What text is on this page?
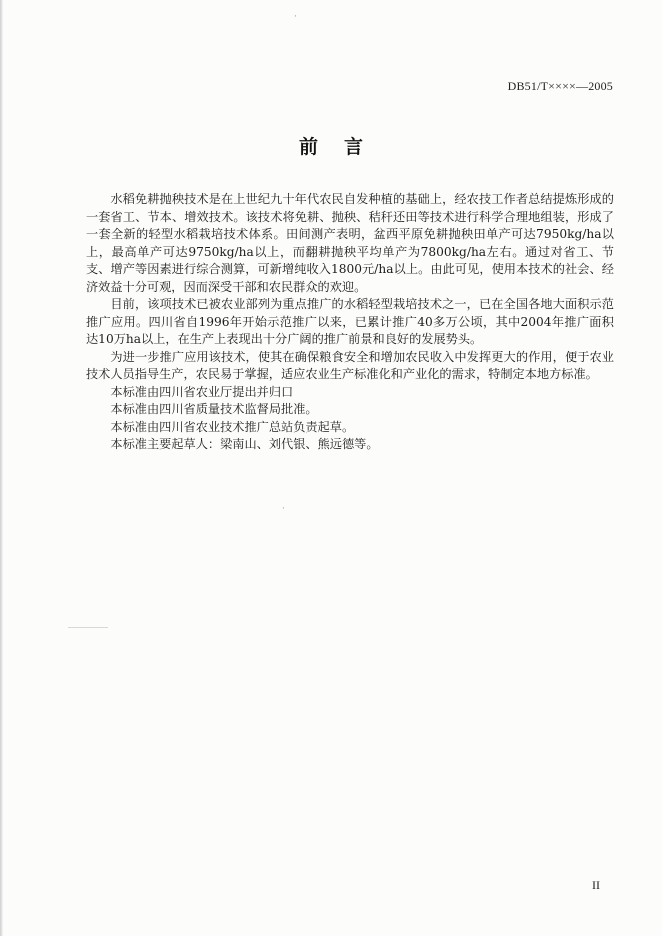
·
·
DB51/T××××—2005
前言

水稻免耕抛秧技术是在上世纪九十年代农民自发种植的基础上，经农技工作者总结提炼形成的一套省工、节本、增效技术。该技术将免耕、抛秧、秸秆还田等技术进行科学合理地组装，形成了一套全新的轻型水稻栽培技术体系。田间测产表明，盆西平原免耕抛秧田单产可达7950kg/ha以上，最高单产可达9750kg/ha以上，而翻耕抛秧平均单产为7800kg/ha左右。通过对省工、节支、增产等因素进行综合测算，可新增纯收入1800元/ha以上。由此可见，使用本技术的社会、经济效益十分可观，因而深受干部和农民群众的欢迎。

目前，该项技术已被农业部列为重点推广的水稻轻型栽培技术之一，已在全国各地大面积示范推广应用。四川省自1996年开始示范推广以来，已累计推广40多万公顷，其中2004年推广面积达10万ha以上，在生产上表现出十分广阔的推广前景和良好的发展势头。

为进一步推广应用该技术，使其在确保粮食安全和增加农民收入中发挥更大的作用，便于农业技术人员指导生产，农民易于掌握，适应农业生产标准化和产业化的需求，特制定本地方标准。

本标准由四川省农业厅提出并归口

本标准由四川省质量技术监督局批准。

本标准由四川省农业技术推广总站负责起草。

本标准主要起草人：梁南山、刘代银、熊远德等。

II
